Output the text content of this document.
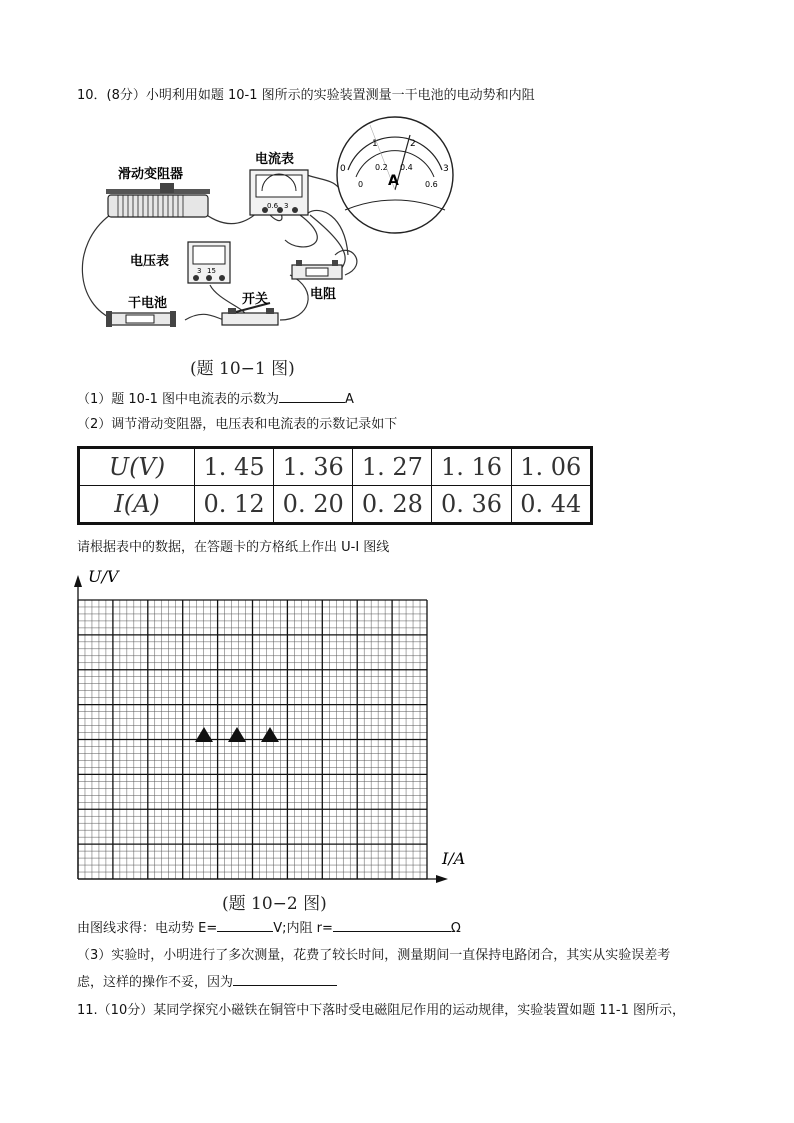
10．(8分）小明利用如题 10-1 图所示的实验装置测量一干电池的电动势和内阻
滑动变阻器
电流表
0.6 3
0
1	2
3
0
0.2 0.4
0.6
A
电压表
3 15
干电池	开关	电阻
(题 10−1 图)
（1）题 10-1 图中电流表的示数为	A
（2）调节滑动变阻器，电压表和电流表的示数记录如下
U(V)	1. 45	1. 36	1. 27	1. 16	1. 06
I(A)	0. 12	0. 20	0. 28	0. 36	0. 44
请根据表中的数据，在答题卡的方格纸上作出 U-I 图线
U/V
I/A
(题 10−2 图)
由图线求得：电动势 E=	V;内阻 r=	Ω
（3）实验时，小明进行了多次测量，花费了较长时间，测量期间一直保持电路闭合，其实从实验误差考
虑，这样的操作不妥，因为
11.（10分）某同学探究小磁铁在铜管中下落时受电磁阻尼作用的运动规律，实验装置如题 11-1 图所示，
